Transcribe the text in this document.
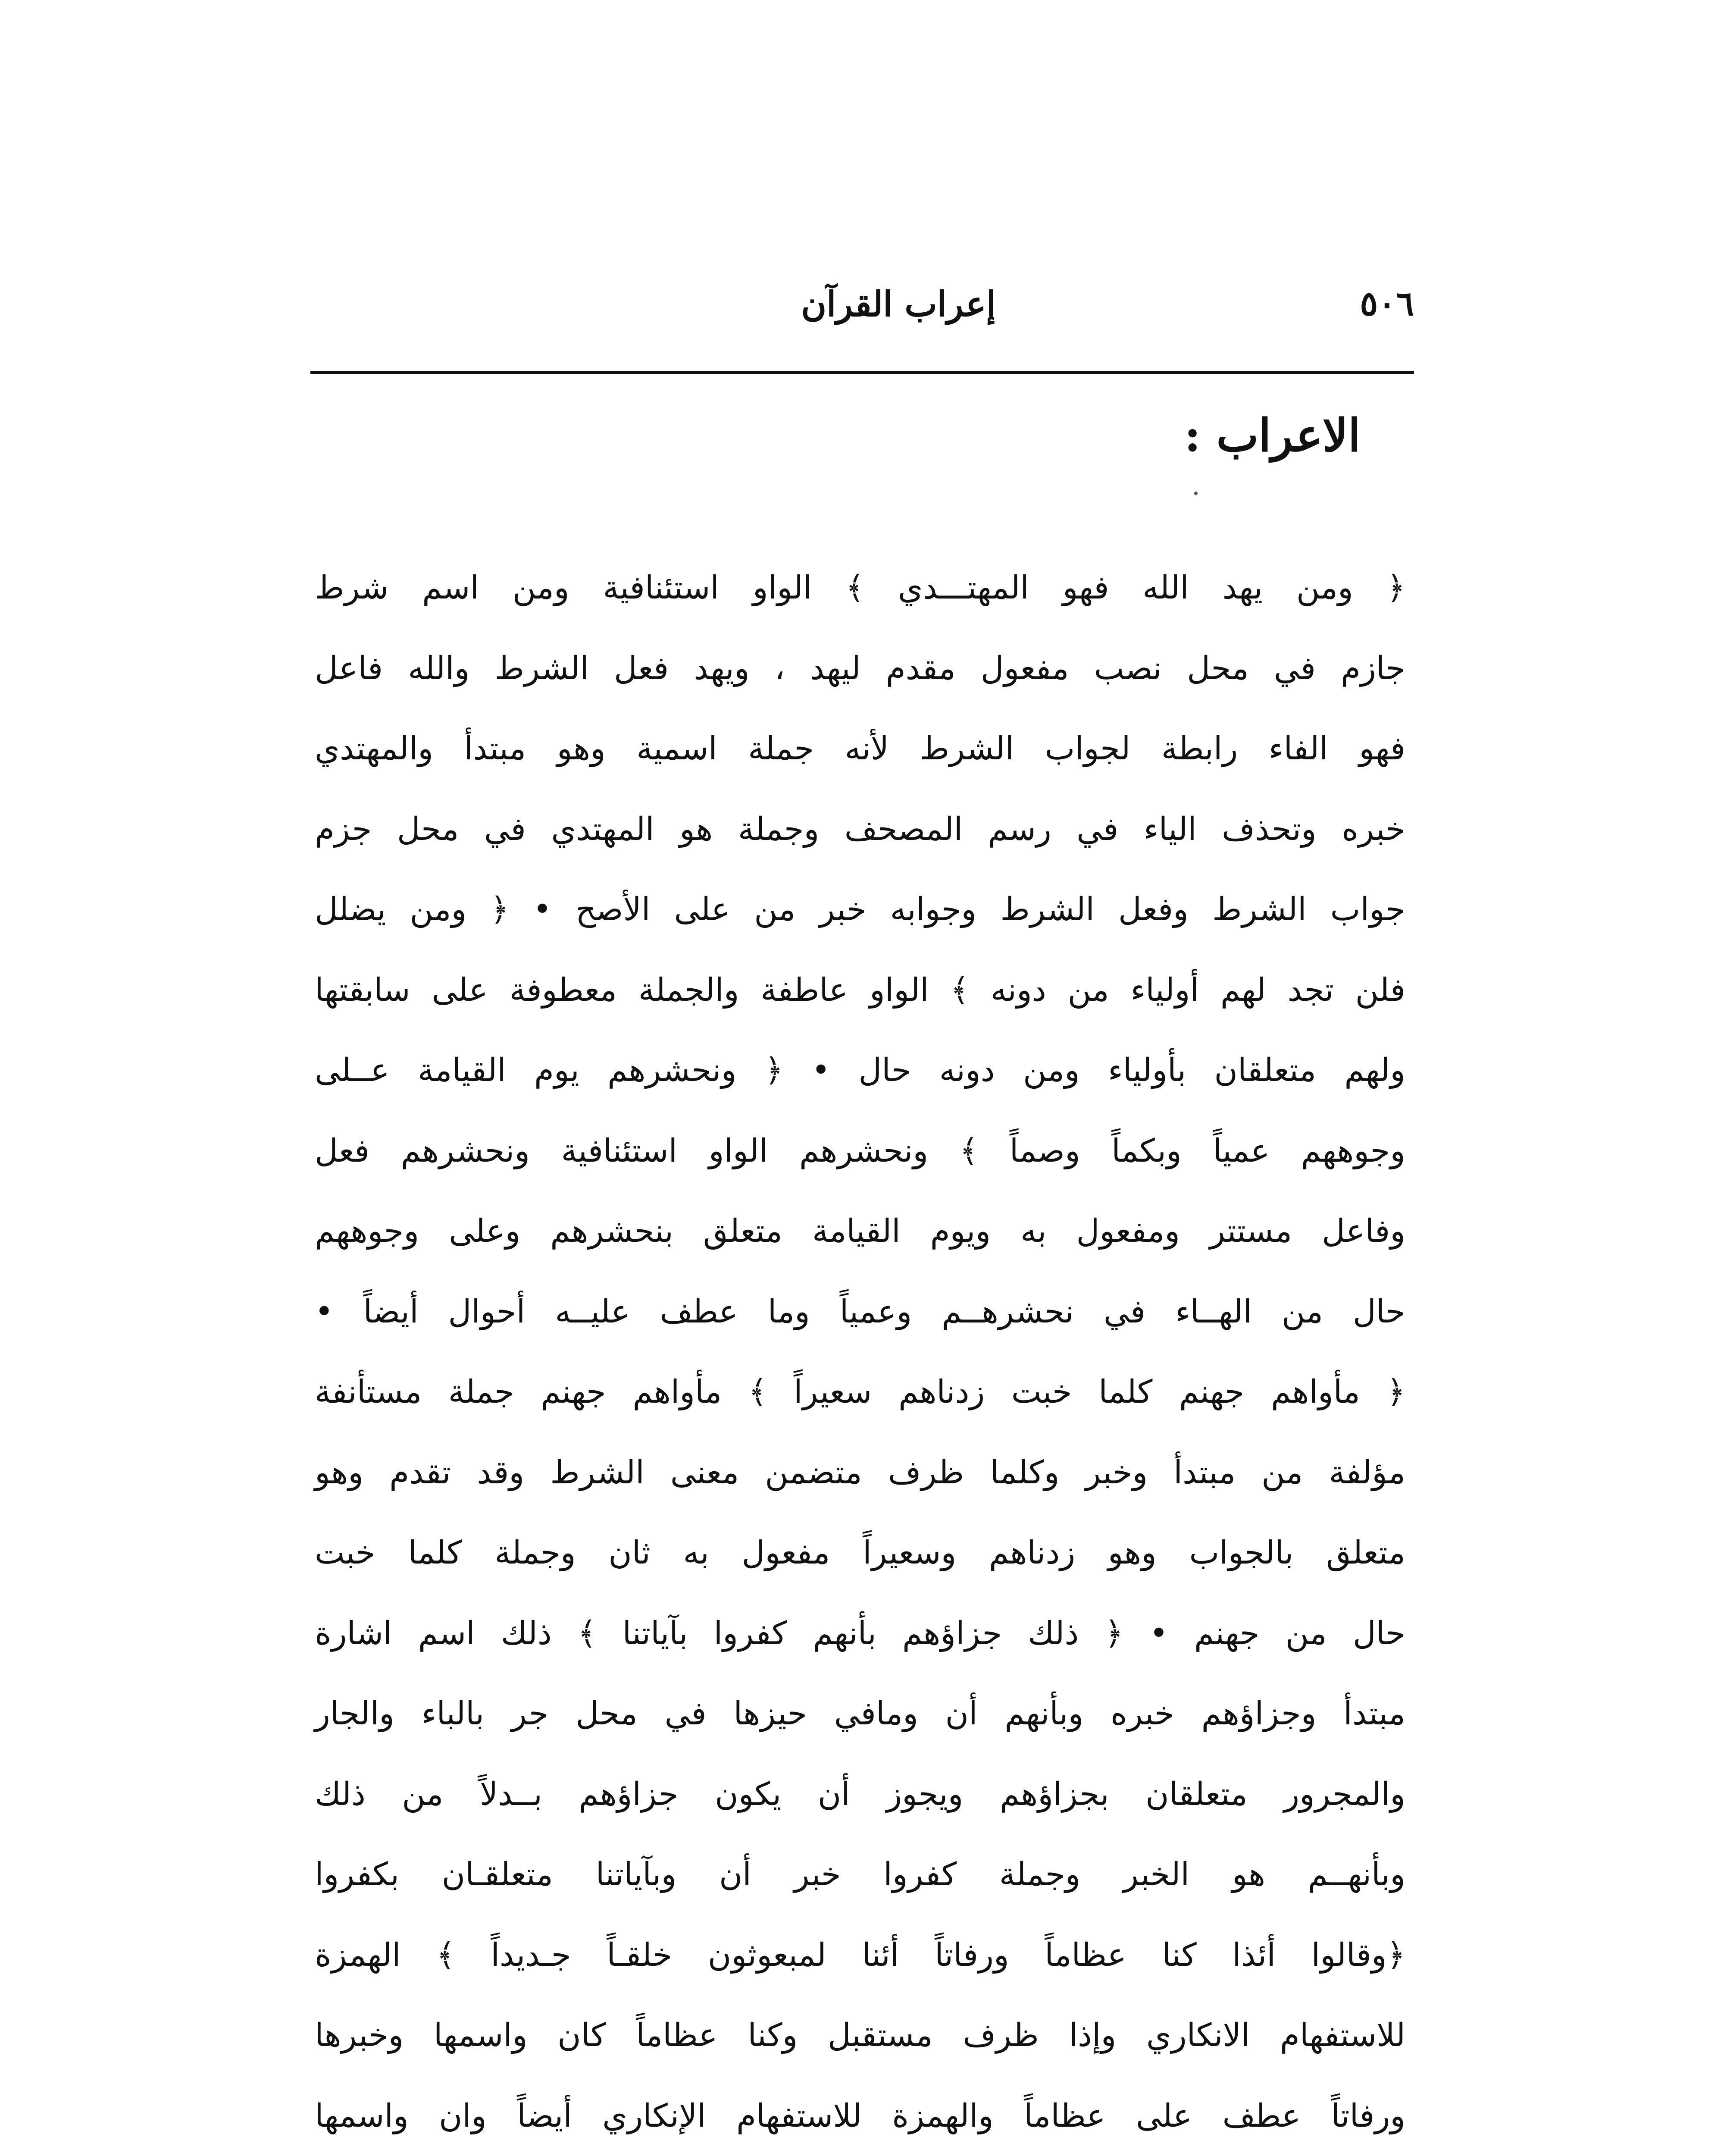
٥٠٦
إعراب القرآن
الاعراب :
﴿ ومن يهد الله فهو المهتـــدي ﴾ الواو استئنافية ومن اسم شرط
جازم في محل نصب مفعول مقدم ليهد ، ويهد فعل الشرط والله فاعل
فهو الفاء رابطة لجواب الشرط لأنه جملة اسمية وهو مبتدأ والمهتدي
خبره وتحذف الياء في رسم المصحف وجملة هو المهتدي في محل جزم
جواب الشرط وفعل الشرط وجوابه خبر من على الأصح • ﴿ ومن يضلل
فلن تجد لهم أولياء من دونه ﴾ الواو عاطفة والجملة معطوفة على سابقتها
ولهم متعلقان بأولياء ومن دونه حال • ﴿ ونحشرهم يوم القيامة عــلى
وجوههم عمياً وبكماً وصماً ﴾ ونحشرهم الواو استئنافية ونحشرهم فعل
وفاعل مستتر ومفعول به ويوم القيامة متعلق بنحشرهم وعلى وجوههم
حال من الهــاء في نحشرهــم وعمياً وما عطف عليــه أحوال أيضاً •
﴿ مأواهم جهنم كلما خبت زدناهم سعيراً ﴾ مأواهم جهنم جملة مستأنفة
مؤلفة من مبتدأ وخبر وكلما ظرف متضمن معنى الشرط وقد تقدم وهو
متعلق بالجواب وهو زدناهم وسعيراً مفعول به ثان وجملة كلما خبت
حال من جهنم • ﴿ ذلك جزاؤهم بأنهم كفروا بآياتنا ﴾ ذلك اسم اشارة
مبتدأ وجزاؤهم خبره وبأنهم أن ومافي حيزها في محل جر بالباء والجار
والمجرور متعلقان بجزاؤهم ويجوز أن يكون جزاؤهم بــدلاً من ذلك
وبأنهــم هو الخبر وجملة كفروا خبر أن وبآياتنا متعلقـان بكفروا
﴿وقالوا أئذا كنا عظاماً ورفاتاً أئنا لمبعوثون خلقـاً جـديداً ﴾ الهمزة
للاستفهام الانكاري وإذا ظرف مستقبل وكنا عظاماً كان واسمها وخبرها
ورفاتاً عطف على عظاماً والهمزة للاستفهام الإنكاري أيضاً وان واسمها
